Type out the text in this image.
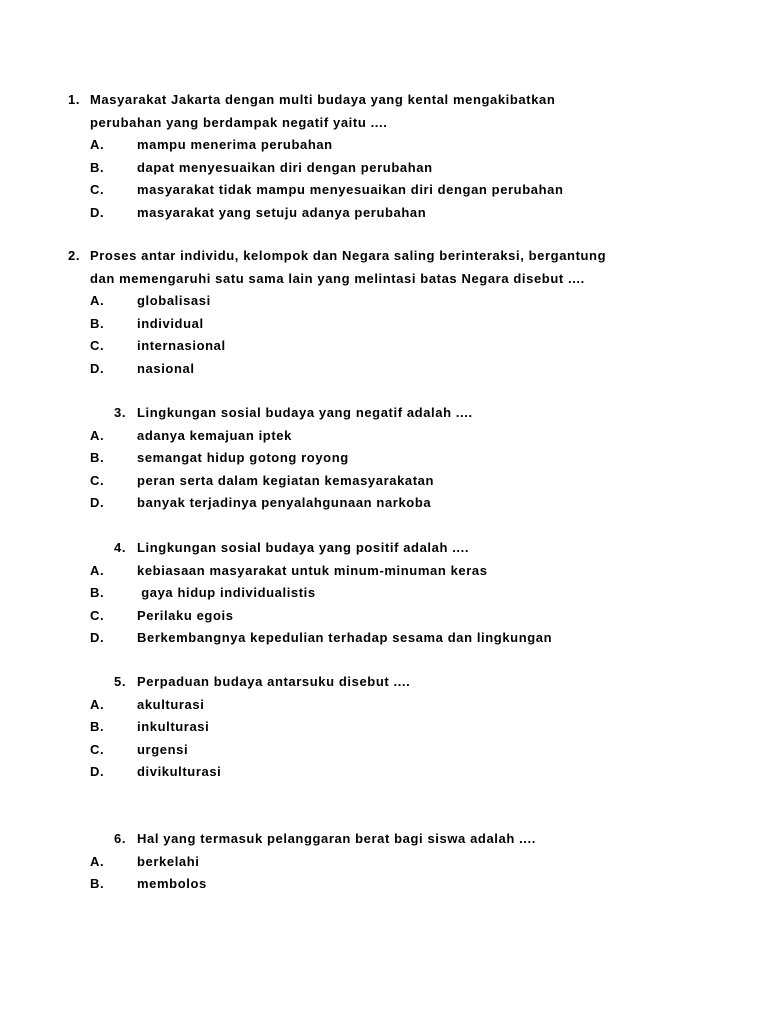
1. Masyarakat Jakarta dengan multi budaya yang kental mengakibatkan
perubahan yang berdampak negatif yaitu ....
A.	mampu menerima perubahan
B.	dapat menyesuaikan diri dengan perubahan
C.	masyarakat tidak mampu menyesuaikan diri dengan perubahan
D.	masyarakat yang setuju adanya perubahan
2. Proses antar individu, kelompok dan Negara saling berinteraksi, bergantung
dan memengaruhi satu sama lain yang melintasi batas Negara disebut ....
A.	globalisasi
B.	individual
C.	internasional
D.	nasional
3. Lingkungan sosial budaya yang negatif adalah ....
A.	adanya kemajuan iptek
B.	semangat hidup gotong royong
C.	peran serta dalam kegiatan kemasyarakatan
D.	banyak terjadinya penyalahgunaan narkoba
4. Lingkungan sosial budaya yang positif adalah ....
A.	kebiasaan masyarakat untuk minum-minuman keras
B.	gaya hidup individualistis
C.	Perilaku egois
D.	Berkembangnya kepedulian terhadap sesama dan lingkungan
5. Perpaduan budaya antarsuku disebut ....
A.	akulturasi
B.	inkulturasi
C.	urgensi
D.	divikulturasi
6. Hal yang termasuk pelanggaran berat bagi siswa adalah ....
A.	berkelahi
B.	membolos
